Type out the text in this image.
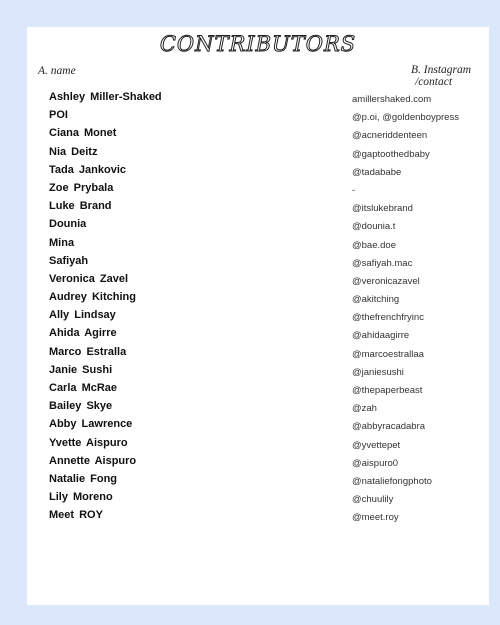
CONTRIBUTORS
A. name	B. Instagram
/contact
Ashley Miller-Shaked	amillershaked.com
POI	@p.oi, @goldenboypress
Ciana Monet	@acneriddenteen
Nia Deitz	@gaptoothedbaby
Tada Jankovic	@tadababe
Zoe Prybala	-
Luke Brand	@itslukebrand
Dounia	@dounia.t
Mina	@bae.doe
Safiyah	@safiyah.mac
Veronica Zavel	@veronicazavel
Audrey Kitching	@akitching
Ally Lindsay	@thefrenchfryinc
Ahida Agirre	@ahidaagirre
Marco Estralla	@marcoestrallaa
Janie Sushi	@janiesushi
Carla McRae	@thepaperbeast
Bailey Skye	@zah
Abby Lawrence	@abbyracadabra
Yvette Aispuro	@yvettepet
Annette Aispuro	@aispuro0
Natalie Fong	@nataliefongphoto
Lily Moreno	@chuulily
Meet ROY	@meet.roy
